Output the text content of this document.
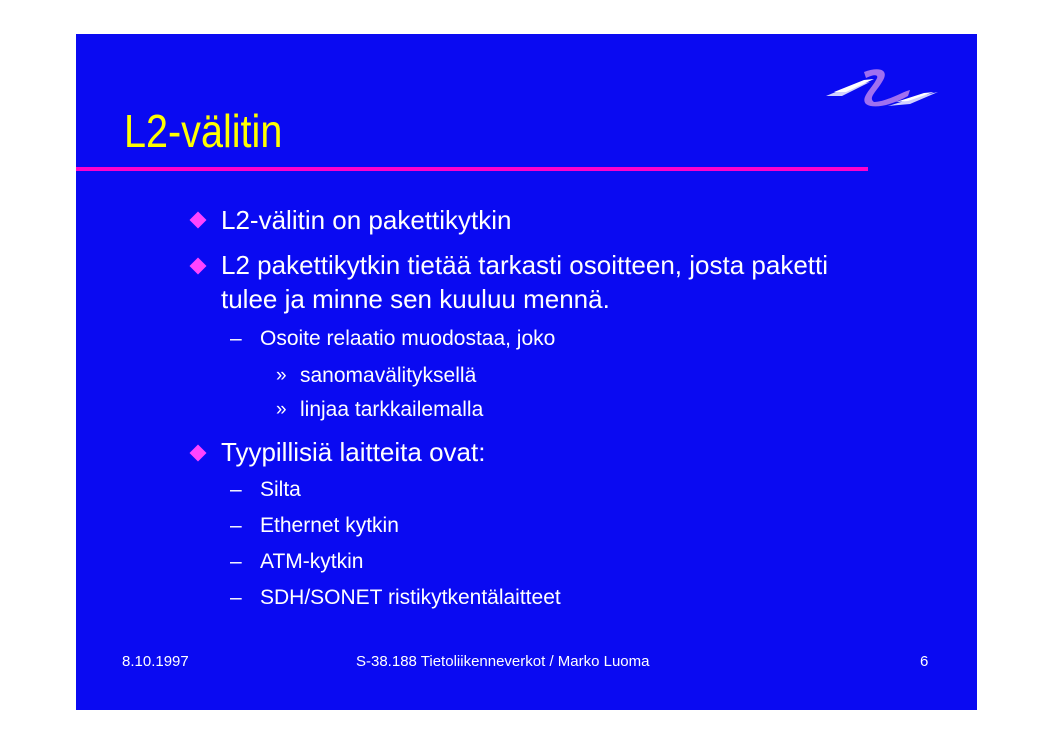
L2-välitin
L2-välitin on pakettikytkin
L2 pakettikytkin tietää tarkasti osoitteen, josta paketti
tulee ja minne sen kuuluu mennä.
– Osoite relaatio muodostaa, joko
» sanomavälityksellä
» linjaa tarkkailemalla
Tyypillisiä laitteita ovat:
– Silta
– Ethernet kytkin
– ATM-kytkin
– SDH/SONET ristikytkentälaitteet
8.10.1997	S-38.188 Tietoliikenneverkot / Marko Luoma	6
